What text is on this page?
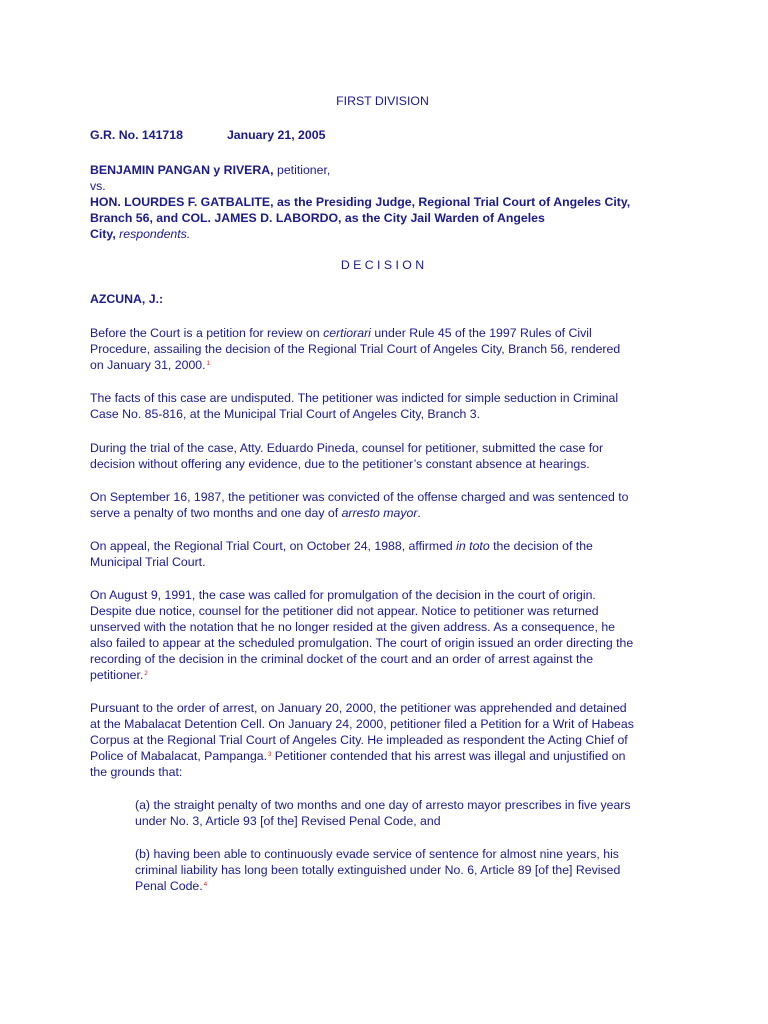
FIRST DIVISION

G.R. No. 141718	January 21, 2005

BENJAMIN PANGAN y RIVERA, petitioner,
vs.
HON. LOURDES F. GATBALITE, as the Presiding Judge, Regional Trial Court of Angeles City,
Branch 56, and COL. JAMES D. LABORDO, as the City Jail Warden of Angeles
City, respondents.

D E C I S I O N

AZCUNA, J.:

Before the Court is a petition for review on certiorari under Rule 45 of the 1997 Rules of Civil
Procedure, assailing the decision of the Regional Trial Court of Angeles City, Branch 56, rendered
on January 31, 2000.$^1$
The facts of this case are undisputed. The petitioner was indicted for simple seduction in Criminal
Case No. 85-816, at the Municipal Trial Court of Angeles City, Branch 3.
During the trial of the case, Atty. Eduardo Pineda, counsel for petitioner, submitted the case for
decision without offering any evidence, due to the petitioner’s constant absence at hearings.
On September 16, 1987, the petitioner was convicted of the offense charged and was sentenced to
serve a penalty of two months and one day of arresto mayor.
On appeal, the Regional Trial Court, on October 24, 1988, affirmed in toto the decision of the
Municipal Trial Court.
On August 9, 1991, the case was called for promulgation of the decision in the court of origin.
Despite due notice, counsel for the petitioner did not appear. Notice to petitioner was returned
unserved with the notation that he no longer resided at the given address. As a consequence, he
also failed to appear at the scheduled promulgation. The court of origin issued an order directing the
recording of the decision in the criminal docket of the court and an order of arrest against the
petitioner.$^2$
Pursuant to the order of arrest, on January 20, 2000, the petitioner was apprehended and detained
at the Mabalacat Detention Cell. On January 24, 2000, petitioner filed a Petition for a Writ of Habeas
Corpus at the Regional Trial Court of Angeles City. He impleaded as respondent the Acting Chief of
Police of Mabalacat, Pampanga.$^3$ Petitioner contended that his arrest was illegal and unjustified on
the grounds that:
(a) the straight penalty of two months and one day of arresto mayor prescribes in five years
under No. 3, Article 93 [of the] Revised Penal Code, and
(b) having been able to continuously evade service of sentence for almost nine years, his
criminal liability has long been totally extinguished under No. 6, Article 89 [of the] Revised
Penal Code.$^4$
